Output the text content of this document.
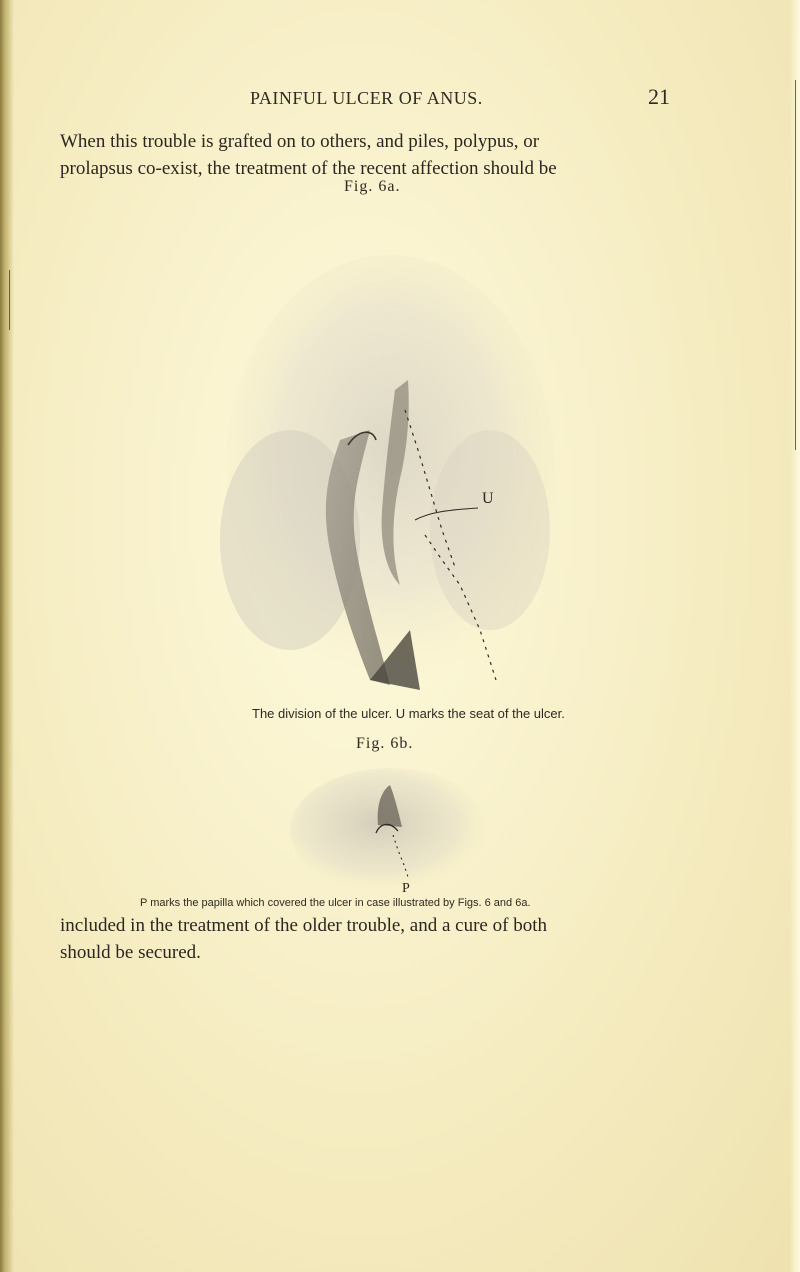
PAINFUL ULCER OF ANUS.	21
When this trouble is grafted on to others, and piles, polypus, or
prolapsus co-exist, the treatment of the recent affection should be
Fig. 6a.
U
The division of the ulcer. U marks the seat of the ulcer.
Fig. 6b.
P
P marks the papilla which covered the ulcer in case illustrated by Figs. 6 and 6a.
included in the treatment of the older trouble, and a cure of both
should be secured.
